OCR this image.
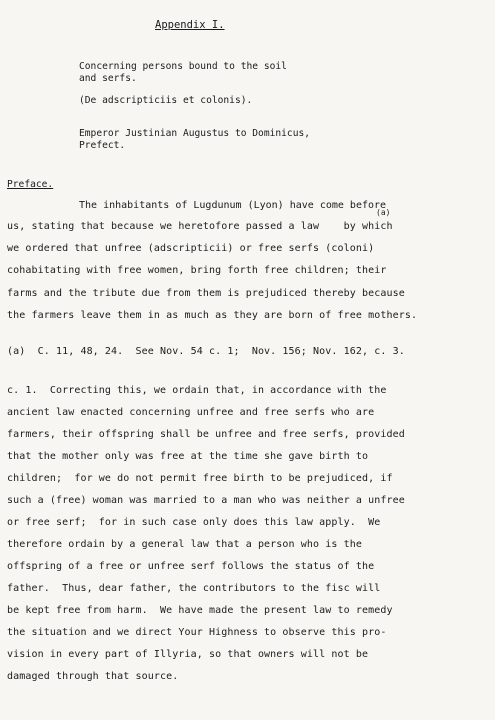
Appendix I.
Concerning persons bound to the soil
and serfs.
(De adscripticiis et colonis).
Emperor Justinian Augustus to Dominicus,
Prefect.
Preface.
The inhabitants of Lugdunum (Lyon) have come before
(a)
us, stating that because we heretofore passed a law    by which
we ordered that unfree (adscripticii) or free serfs (coloni)
cohabitating with free women, bring forth free children; their
farms and the tribute due from them is prejudiced thereby because
the farmers leave them in as much as they are born of free mothers.
(a)  C. 11, 48, 24.  See Nov. 54 c. 1;  Nov. 156; Nov. 162, c. 3.
c. 1.  Correcting this, we ordain that, in accordance with the
ancient law enacted concerning unfree and free serfs who are
farmers, their offspring shall be unfree and free serfs, provided
that the mother only was free at the time she gave birth to
children;  for we do not permit free birth to be prejudiced, if
such a (free) woman was married to a man who was neither a unfree
or free serf;  for in such case only does this law apply.  We
therefore ordain by a general law that a person who is the
offspring of a free or unfree serf follows the status of the
father.  Thus, dear father, the contributors to the fisc will
be kept free from harm.  We have made the present law to remedy
the situation and we direct Your Highness to observe this pro-
vision in every part of Illyria, so that owners will not be
damaged through that source.
